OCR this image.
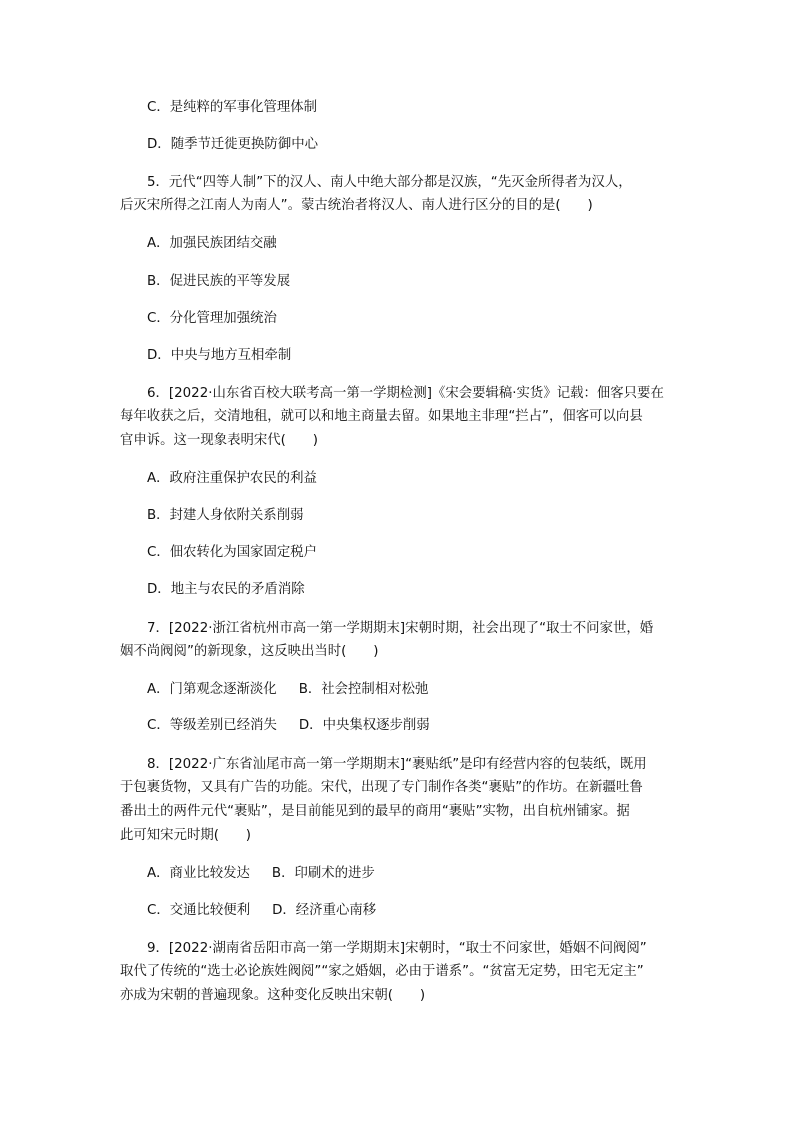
C．是纯粹的军事化管理体制
D．随季节迁徙更换防御中心
5．元代“四等人制”下的汉人、南人中绝大部分都是汉族，“先灭金所得者为汉人，
后灭宋所得之江南人为南人”。蒙古统治者将汉人、南人进行区分的目的是(　　)
A．加强民族团结交融
B．促进民族的平等发展
C．分化管理加强统治
D．中央与地方互相牵制
6．[2022·山东省百校大联考高一第一学期检测]《宋会要辑稿·实货》记载：佃客只要在
每年收获之后，交清地租，就可以和地主商量去留。如果地主非理“拦占”，佃客可以向县
官申诉。这一现象表明宋代(　　)
A．政府注重保护农民的利益
B．封建人身依附关系削弱
C．佃农转化为国家固定税户
D．地主与农民的矛盾消除
7．[2022·浙江省杭州市高一第一学期期末]宋朝时期，社会出现了“取士不问家世，婚
姻不尚阀阅”的新现象，这反映出当时(　　)
A．门第观念逐渐淡化 B．社会控制相对松弛
C．等级差别已经消失 D．中央集权逐步削弱
8．[2022·广东省汕尾市高一第一学期期末]“裹贴纸”是印有经营内容的包装纸，既用
于包裹货物，又具有广告的功能。宋代，出现了专门制作各类“裹贴”的作坊。在新疆吐鲁
番出土的两件元代“裹贴”，是目前能见到的最早的商用“裹贴”实物，出自杭州铺家。据
此可知宋元时期(　　)
A．商业比较发达 B．印刷术的进步
C．交通比较便利 D．经济重心南移
9．[2022·湖南省岳阳市高一第一学期期末]宋朝时，“取士不问家世，婚姻不问阀阅”
取代了传统的“选士必论族姓阀阅”“家之婚姻，必由于谱系”。“贫富无定势，田宅无定主”
亦成为宋朝的普遍现象。这种变化反映出宋朝(　　)
